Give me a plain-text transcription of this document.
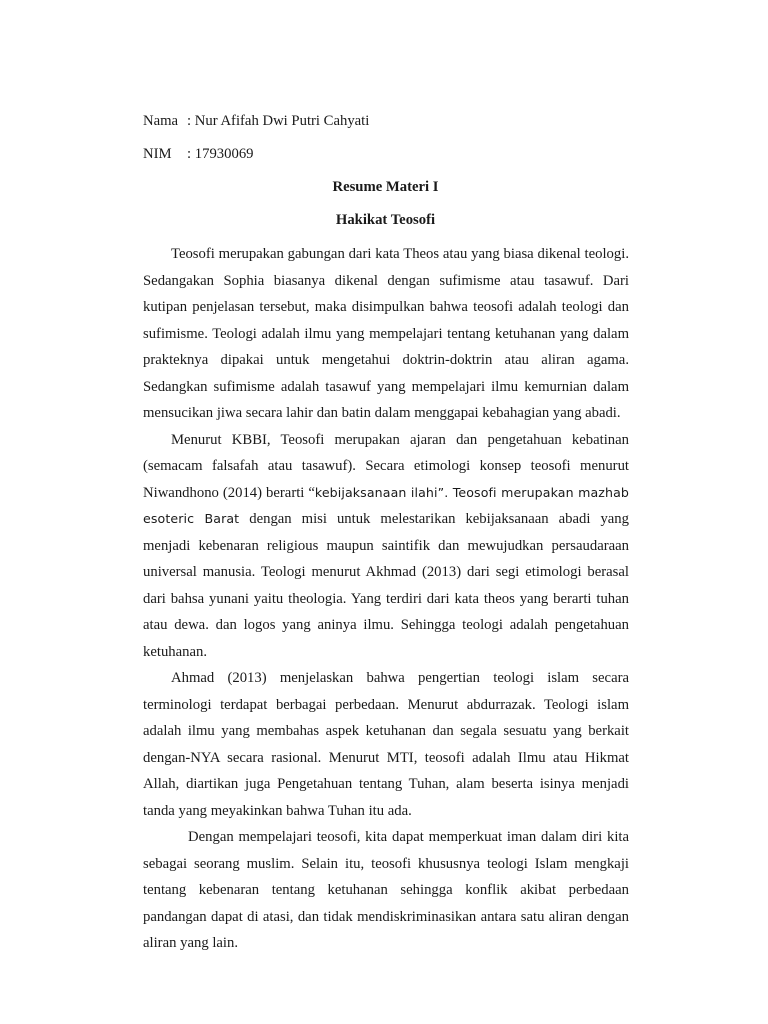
Nama : Nur Afifah Dwi Putri Cahyati
NIM : 17930069
Resume Materi I
Hakikat Teosofi

Teosofi merupakan gabungan dari kata Theos atau yang biasa dikenal teologi. Sedangakan Sophia biasanya dikenal dengan sufimisme atau tasawuf. Dari kutipan penjelasan tersebut, maka disimpulkan bahwa teosofi adalah teologi dan sufimisme. Teologi adalah ilmu yang mempelajari tentang ketuhanan yang dalam prakteknya dipakai untuk mengetahui doktrin-doktrin atau aliran agama. Sedangkan sufimisme adalah tasawuf yang mempelajari ilmu kemurnian dalam mensucikan jiwa secara lahir dan batin dalam menggapai kebahagian yang abadi.

Menurut KBBI, Teosofi merupakan ajaran dan pengetahuan kebatinan (semacam falsafah atau tasawuf). Secara etimologi konsep teosofi menurut Niwandhono (2014) berarti “kebijaksanaan ilahi”. Teosofi merupakan mazhab esoteric Barat dengan misi untuk melestarikan kebijaksanaan abadi yang menjadi kebenaran religious maupun saintifik dan mewujudkan persaudaraan universal manusia. Teologi menurut Akhmad (2013) dari segi etimologi berasal dari bahsa yunani yaitu theologia. Yang terdiri dari kata theos yang berarti tuhan atau dewa. dan logos yang aninya ilmu. Sehingga teologi adalah pengetahuan ketuhanan.

Ahmad (2013) menjelaskan bahwa pengertian teologi islam secara terminologi terdapat berbagai perbedaan. Menurut abdurrazak. Teologi islam adalah ilmu yang membahas aspek ketuhanan dan segala sesuatu yang berkait dengan-NYA secara rasional. Menurut MTI, teosofi adalah Ilmu atau Hikmat Allah, diartikan juga Pengetahuan tentang Tuhan, alam beserta isinya menjadi tanda yang meyakinkan bahwa Tuhan itu ada.

Dengan mempelajari teosofi, kita dapat memperkuat iman dalam diri kita sebagai seorang muslim. Selain itu, teosofi khususnya teologi Islam mengkaji tentang kebenaran tentang ketuhanan sehingga konflik akibat perbedaan pandangan dapat di atasi, dan tidak mendiskriminasikan antara satu aliran dengan aliran yang lain.
